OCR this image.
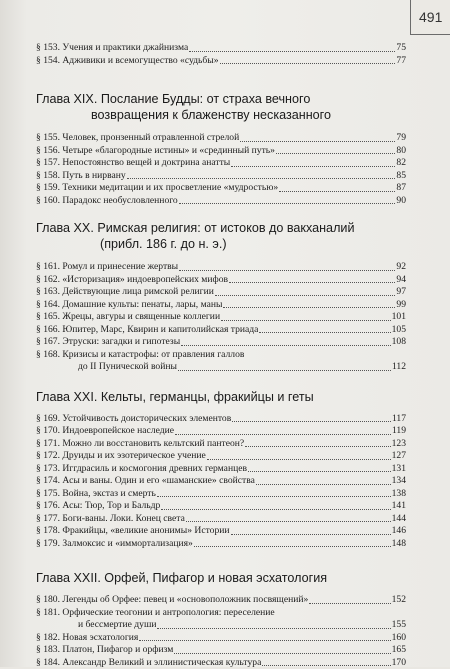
491
§ 153. Учения и практики джайнизма	75
§ 154. Адживики и всемогущество «судьбы»	77
Глава XIX. Послание Будды: от страха вечного
возвращения к блаженству несказанного
§ 155. Человек, пронзенный отравленной стрелой	79
§ 156. Четыре «благородные истины» и «срединный путь»	80
§ 157. Непостоянство вещей и доктрина анатты	82
§ 158. Путь в нирвану	85
§ 159. Техники медитации и их просветление «мудростью»	87
§ 160. Парадокс необусловленного	90
Глава XX. Римская религия: от истоков до вакханалий
(прибл. 186 г. до н. э.)
§ 161. Ромул и принесение жертвы	92
§ 162. «Историзация» индоевропейских мифов	94
§ 163. Действующие лица римской религии	97
§ 164. Домашние культы: пенаты, лары, маны	99
§ 165. Жрецы, авгуры и священные коллегии	101
§ 166. Юпитер, Марс, Квирин и капитолийская триада	105
§ 167. Этруски: загадки и гипотезы	108
§ 168. Кризисы и катастрофы: от правления галлов
до II Пунической войны	112
Глава XXI. Кельты, германцы, фракийцы и геты
§ 169. Устойчивость доисторических элементов	117
§ 170. Индоевропейское наследие	119
§ 171. Можно ли восстановить кельтский пантеон?	123
§ 172. Друиды и их эзотерическое учение	127
§ 173. Иггдрасиль и космогония древних германцев	131
§ 174. Асы и ваны. Один и его «шаманские» свойства	134
§ 175. Война, экстаз и смерть	138
§ 176. Асы: Тюр, Тор и Бальдр	141
§ 177. Боги-ваны. Локи. Конец света	144
§ 178. Фракийцы, «великие анонимы» Истории	146
§ 179. Залмоксис и «иммортализация»	148
Глава XXII. Орфей, Пифагор и новая эсхатология
§ 180. Легенды об Орфее: певец и «основоположник посвящений»	152
§ 181. Орфические теогонии и антропология: переселение
и бессмертие души	155
§ 182. Новая эсхатология	160
§ 183. Платон, Пифагор и орфизм	165
§ 184. Александр Великий и эллинистическая культура	170
